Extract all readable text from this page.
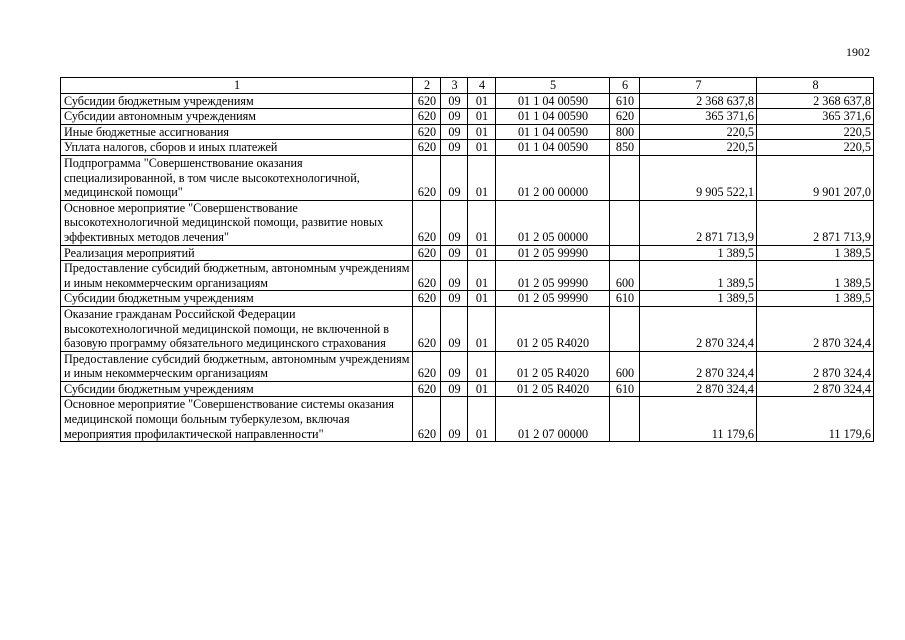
1902
1	2	3	4	5	6	7	8
Субсидии бюджетным учреждениям	620	09	01	01 1 04 00590	610	2 368 637,8	2 368 637,8
Субсидии автономным учреждениям	620	09	01	01 1 04 00590	620	365 371,6	365 371,6
Иные бюджетные ассигнования	620	09	01	01 1 04 00590	800	220,5	220,5
Уплата налогов, сборов и иных платежей	620	09	01	01 1 04 00590	850	220,5	220,5
Подпрограмма "Совершенствование оказания специализированной, в том числе высокотехнологичной, медицинской помощи"	620	09	01	01 2 00 00000		9 905 522,1	9 901 207,0
Основное мероприятие "Совершенствование высокотехнологичной медицинской помощи, развитие новых эффективных методов лечения"	620	09	01	01 2 05 00000		2 871 713,9	2 871 713,9
Реализация мероприятий	620	09	01	01 2 05 99990		1 389,5	1 389,5
Предоставление субсидий бюджетным, автономным учреждениям и иным некоммерческим организациям	620	09	01	01 2 05 99990	600	1 389,5	1 389,5
Субсидии бюджетным учреждениям	620	09	01	01 2 05 99990	610	1 389,5	1 389,5
Оказание гражданам Российской Федерации высокотехнологичной медицинской помощи, не включенной в базовую программу обязательного медицинского страхования	620	09	01	01 2 05 R4020		2 870 324,4	2 870 324,4
Предоставление субсидий бюджетным, автономным учреждениям и иным некоммерческим организациям	620	09	01	01 2 05 R4020	600	2 870 324,4	2 870 324,4
Субсидии бюджетным учреждениям	620	09	01	01 2 05 R4020	610	2 870 324,4	2 870 324,4
Основное мероприятие "Совершенствование системы оказания медицинской помощи больным туберкулезом, включая мероприятия профилактической направленности"	620	09	01	01 2 07 00000		11 179,6	11 179,6
